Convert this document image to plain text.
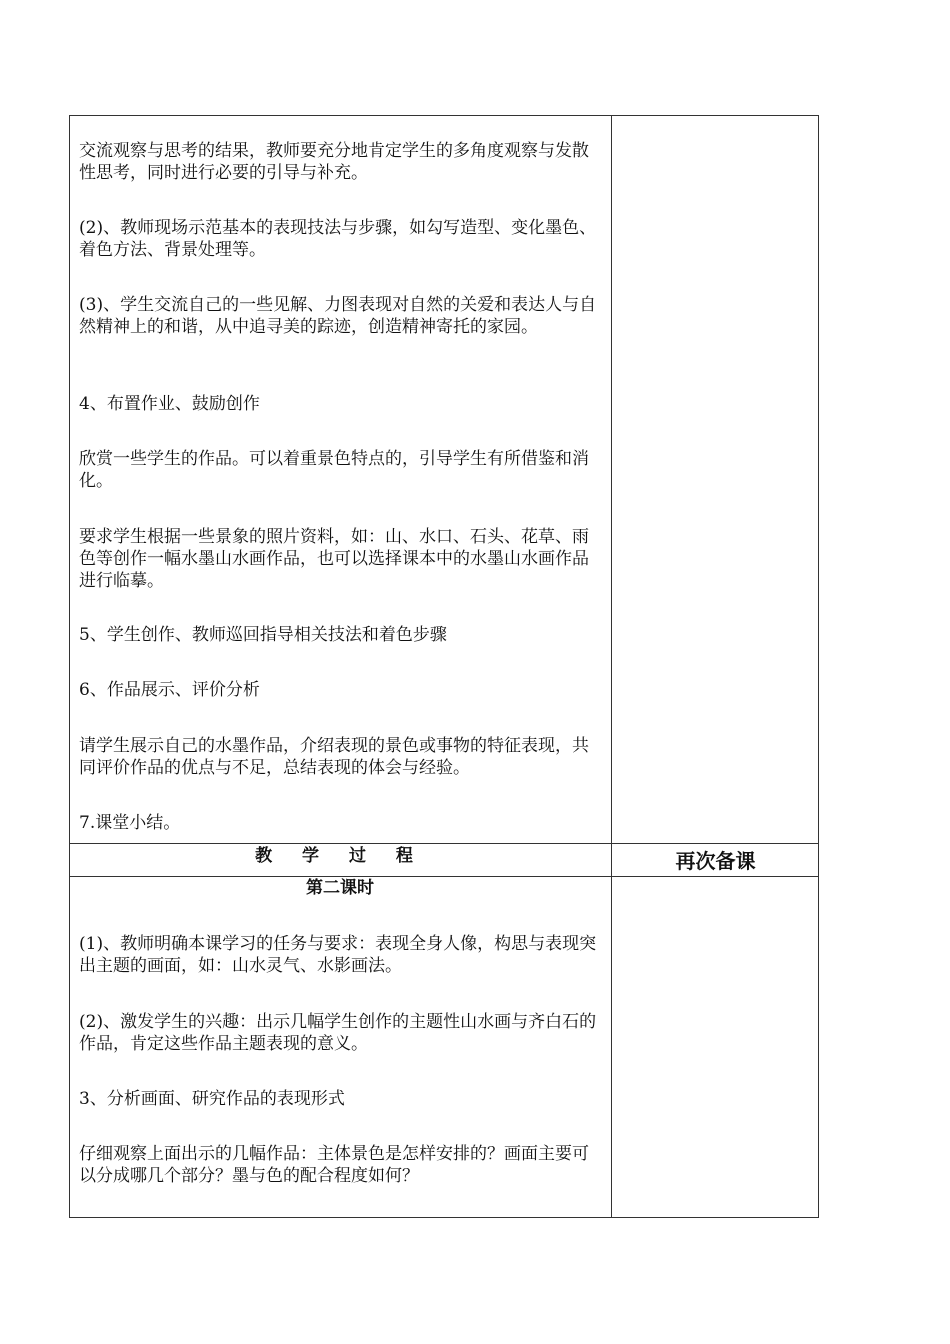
交流观察与思考的结果，教师要充分地肯定学生的多角度观察与发散性思考，同时进行必要的引导与补充。

(2)、教师现场示范基本的表现技法与步骤，如勾写造型、变化墨色、着色方法、背景处理等。

(3)、学生交流自己的一些见解、力图表现对自然的关爱和表达人与自然精神上的和谐，从中追寻美的踪迹，创造精神寄托的家园。

4、布置作业、鼓励创作

欣赏一些学生的作品。可以着重景色特点的，引导学生有所借鉴和消化。

要求学生根据一些景象的照片资料，如：山、水口、石头、花草、雨色等创作一幅水墨山水画作品，也可以选择课本中的水墨山水画作品进行临摹。

5、学生创作、教师巡回指导相关技法和着色步骤

6、作品展示、评价分析

请学生展示自己的水墨作品，介绍表现的景色或事物的特征表现，共同评价作品的优点与不足，总结表现的体会与经验。

7.课堂小结。

教 学 过 程	再次备课
第二课时

(1)、教师明确本课学习的任务与要求：表现全身人像，构思与表现突出主题的画面，如：山水灵气、水影画法。

(2)、激发学生的兴趣：出示几幅学生创作的主题性山水画与齐白石的作品，肯定这些作品主题表现的意义。

3、分析画面、研究作品的表现形式

仔细观察上面出示的几幅作品：主体景色是怎样安排的？画面主要可以分成哪几个部分？墨与色的配合程度如何？
